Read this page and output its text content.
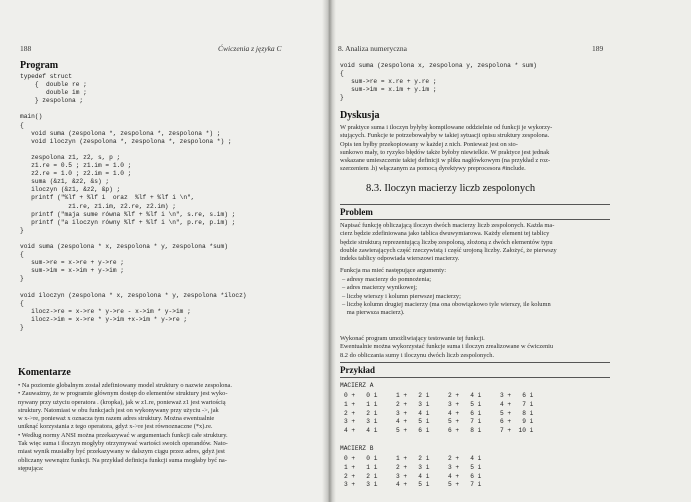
188	Ćwiczenia z języka C
Program
typedef struct
{  double re ;
double im ;
} zespolona ;

main()
{
void suma (zespolona *, zespolona *, zespolona *) ;
void iloczyn (zespolona *, zespolona *, zespolona *) ;

zespolona z1, z2, s, p ;
z1.re = 0.5 ; z1.im = 1.0 ;
z2.re = 1.0 ; z2.im = 1.0 ;
suma (&z1, &z2, &s) ;
iloczyn (&z1, &z2, &p) ;
printf ("%lf + %lf i  oraz  %lf + %lf i \n",
z1.re, z1.im, z2.re, z2.im) ;
printf ("maja sume równa %lf + %lf i \n", s.re, s.im) ;
printf ("a iloczyn równy %lf + %lf i \n", p.re, p.im) ;
}

void suma (zespolona * x, zespolona * y, zespolona *sum)
{
sum->re = x->re + y->re ;
sum->im = x->im + y->im ;
}

void iloczyn (zespolona * x, zespolona * y, zespolona *ilocz)
{
ilocz->re = x->re * y->re - x->im * y->im ;
ilocz->im = x->re * y->im +x->im * y->re ;
}
Komentarze
• Na poziomie globalnym został zdefiniowany model struktury o nazwie zespolona.
• Zauważmy, że w programie głównym dostęp do elementów struktury jest wyko-
nywany przy użyciu operatora . (kropka), jak w z1.re, ponieważ z1 jest wartością
struktury. Natomiast w obu funkcjach jest on wykonywany przy użyciu ->, jak
w x->re, ponieważ x oznacza tym razem adres struktury. Można ewentualnie
uniknąć korzystania z tego operatora, gdyż x->re jest równoznaczne (*x).re.
• Według normy ANSI można przekazywać w argumentach funkcji całe struktury.
Tak więc suma i iloczyn mogłyby otrzymywać wartości swoich operandów. Nato-
miast wynik musiałby być przekazywany w dalszym ciągu przez adres, gdyż jest
obliczany wewnątrz funkcji. Na przykład definicja funkcji suma mogłaby być na-
stępująca:
8. Analiza numeryczna	189
void suma (zespolona x, zespolona y, zespolona * sum)
{
sum->re = x.re + y.re ;
sum->im = x.im + y.im ;
}
Dyskusja
W praktyce suma i iloczyn byłyby kompilowane oddzielnie od funkcji je wykorzy-
stujących. Funkcje te potrzebowałyby w takiej sytuacji opisu struktury zespolona.
Opis ten byłby przekopiowany w każdej z nich. Ponieważ jest on sto-
sunkowo mały, to ryzyko błędów także byłoby niewielkie. W praktyce jest jednak
wskazane umieszczenie takiej definicji w pliku nagłówkowym (na przykład z roz-
szerzeniem .h) włączanym za pomocą dyrektywy preprocesora #include.
8.3. Iloczyn macierzy liczb zespolonych
Problem
Napisać funkcję obliczającą iloczyn dwóch macierzy liczb zespolonych. Każda ma-
cierz będzie zdefiniowana jako tablica dwuwymiarowa. Każdy element tej tablicy
będzie strukturą reprezentującą liczbę zespoloną, złożoną z dwóch elementów typu
double zawierających część rzeczywistą i część urojoną liczby. Założyć, że pierwszy
indeks tablicy odpowiada wierszowi macierzy.
Funkcja ma mieć następujące argumenty:
– adresy macierzy do pomnożenia;
– adres macierzy wynikowej;
– liczbę wierszy i kolumn pierwszej macierzy;
– liczbę kolumn drugiej macierzy (ma ona obowiązkowo tyle wierszy, ile kolumn
ma pierwsza macierz).
Wykonać program umożliwiający testowanie tej funkcji.
Ewentualnie można wykorzystać funkcje suma i iloczyn zrealizowane w ćwiczeniu
8.2 do obliczania sumy i iloczynu dwóch liczb zespolonych.
Przykład
MACIERZ A
0 +   0 i     1 +   2 i     2 +   4 i     3 +   6 i
1 +   1 i     2 +   3 i     3 +   5 i     4 +   7 i
2 +   2 i     3 +   4 i     4 +   6 i     5 +   8 i
3 +   3 i     4 +   5 i     5 +   7 i     6 +   9 i
4 +   4 i     5 +   6 i     6 +   8 i     7 +  10 i
MACIERZ B
0 +   0 i     1 +   2 i     2 +   4 i
1 +   1 i     2 +   3 i     3 +   5 i
2 +   2 i     3 +   4 i     4 +   6 i
3 +   3 i     4 +   5 i     5 +   7 i
